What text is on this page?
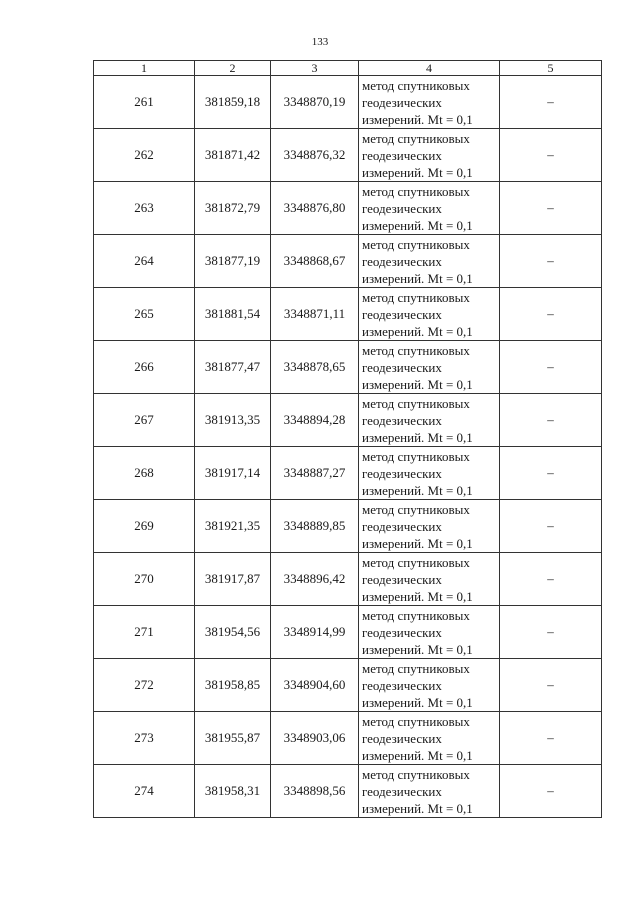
133
1	2	3	4	5
261	381859,18	3348870,19	метод спутниковых
геодезических
измерений. Mt = 0,1	–
262	381871,42	3348876,32	метод спутниковых
геодезических
измерений. Mt = 0,1	–
263	381872,79	3348876,80	метод спутниковых
геодезических
измерений. Mt = 0,1	–
264	381877,19	3348868,67	метод спутниковых
геодезических
измерений. Mt = 0,1	–
265	381881,54	3348871,11	метод спутниковых
геодезических
измерений. Mt = 0,1	–
266	381877,47	3348878,65	метод спутниковых
геодезических
измерений. Mt = 0,1	–
267	381913,35	3348894,28	метод спутниковых
геодезических
измерений. Mt = 0,1	–
268	381917,14	3348887,27	метод спутниковых
геодезических
измерений. Mt = 0,1	–
269	381921,35	3348889,85	метод спутниковых
геодезических
измерений. Mt = 0,1	–
270	381917,87	3348896,42	метод спутниковых
геодезических
измерений. Mt = 0,1	–
271	381954,56	3348914,99	метод спутниковых
геодезических
измерений. Mt = 0,1	–
272	381958,85	3348904,60	метод спутниковых
геодезических
измерений. Mt = 0,1	–
273	381955,87	3348903,06	метод спутниковых
геодезических
измерений. Mt = 0,1	–
274	381958,31	3348898,56	метод спутниковых
геодезических
измерений. Mt = 0,1	–
